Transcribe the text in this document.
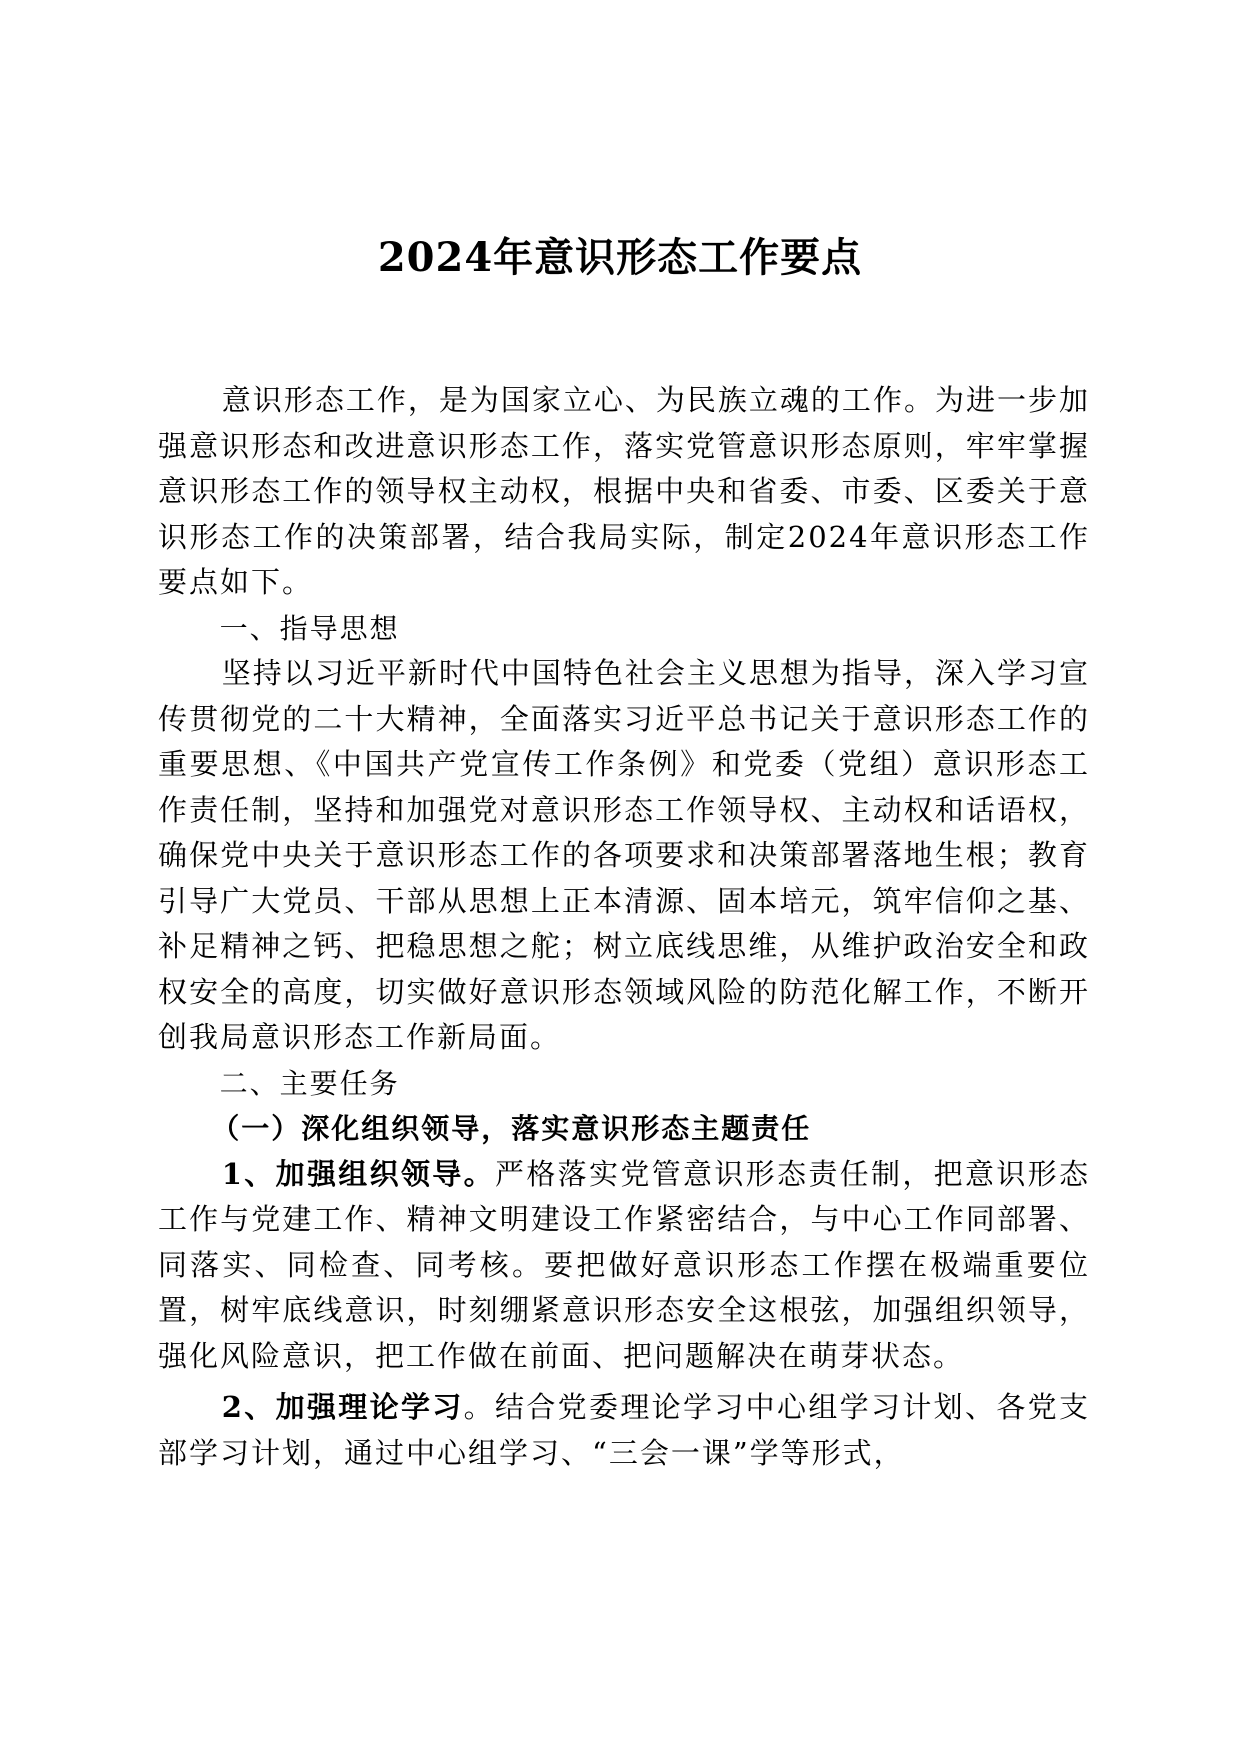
2024年意识形态工作要点

意识形态工作，是为国家立心、为民族立魂的工作。为进一步加强意识形态和改进意识形态工作，落实党管意识形态原则，牢牢掌握意识形态工作的领导权主动权，根据中央和省委、市委、区委关于意识形态工作的决策部署，结合我局实际，制定2024年意识形态工作要点如下。

一、指导思想

坚持以习近平新时代中国特色社会主义思想为指导，深入学习宣传贯彻党的二十大精神，全面落实习近平总书记关于意识形态工作的重要思想、《中国共产党宣传工作条例》和党委（党组）意识形态工作责任制，坚持和加强党对意识形态工作领导权、主动权和话语权，确保党中央关于意识形态工作的各项要求和决策部署落地生根；教育引导广大党员、干部从思想上正本清源、固本培元，筑牢信仰之基、补足精神之钙、把稳思想之舵；树立底线思维，从维护政治安全和政权安全的高度，切实做好意识形态领域风险的防范化解工作，不断开创我局意识形态工作新局面。

二、主要任务

（一）深化组织领导，落实意识形态主题责任

1、加强组织领导。严格落实党管意识形态责任制，把意识形态工作与党建工作、精神文明建设工作紧密结合，与中心工作同部署、同落实、同检查、同考核。要把做好意识形态工作摆在极端重要位置，树牢底线意识，时刻绷紧意识形态安全这根弦，加强组织领导，强化风险意识，把工作做在前面、把问题解决在萌芽状态。

2、加强理论学习。结合党委理论学习中心组学习计划、各党支部学习计划，通过中心组学习、“三会一课”学等形式，
